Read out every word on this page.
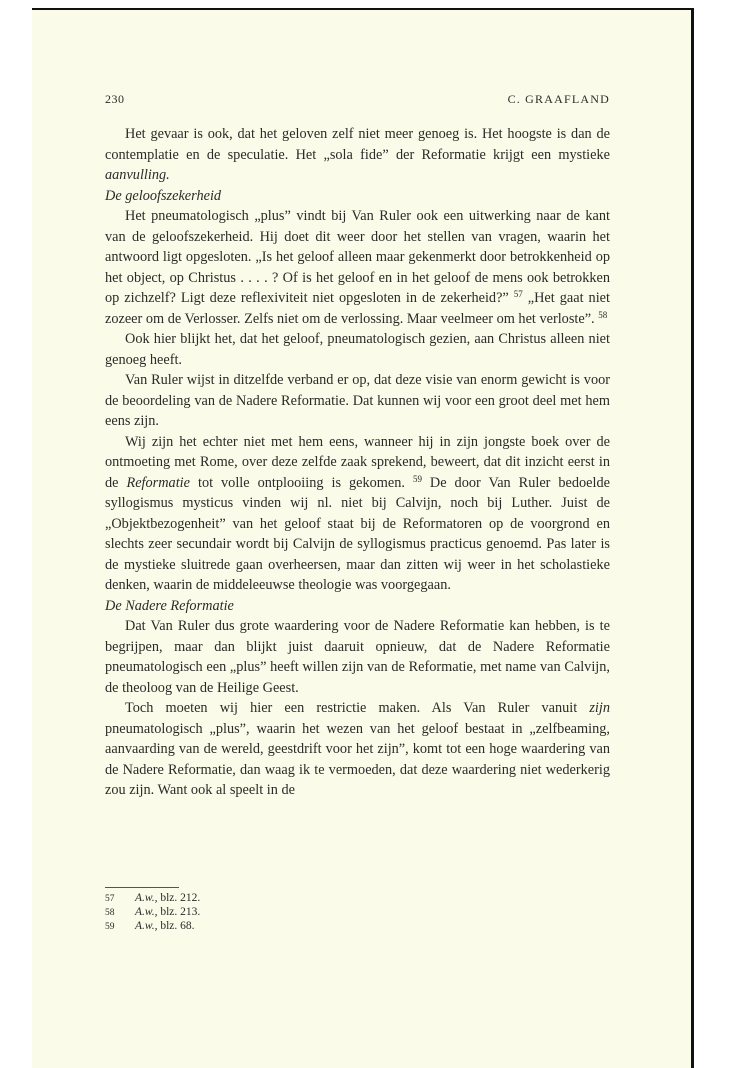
230	C. GRAAFLAND

Het gevaar is ook, dat het geloven zelf niet meer genoeg is. Het hoogste is dan de contemplatie en de speculatie. Het „sola fide” der Reformatie krijgt een mystieke aanvulling.

De geloofszekerheid

Het pneumatologisch „plus” vindt bij Van Ruler ook een uitwerking naar de kant van de geloofszekerheid. Hij doet dit weer door het stellen van vragen, waarin het antwoord ligt opgesloten. „Is het geloof alleen maar gekenmerkt door betrokkenheid op het object, op Christus . . . . ? Of is het geloof en in het geloof de mens ook betrokken op zichzelf? Ligt deze reflexiviteit niet opgesloten in de zekerheid?” $^{57}$ „Het gaat niet zozeer om de Verlosser. Zelfs niet om de verlossing. Maar veelmeer om het verloste”. $^{58}$

Ook hier blijkt het, dat het geloof, pneumatologisch gezien, aan Christus alleen niet genoeg heeft.

Van Ruler wijst in ditzelfde verband er op, dat deze visie van enorm gewicht is voor de beoordeling van de Nadere Reformatie. Dat kunnen wij voor een groot deel met hem eens zijn.

Wij zijn het echter niet met hem eens, wanneer hij in zijn jongste boek over de ontmoeting met Rome, over deze zelfde zaak sprekend, beweert, dat dit inzicht eerst in de Reformatie tot volle ontplooiing is gekomen. $^{59}$ De door Van Ruler bedoelde syllogismus mysticus vinden wij nl. niet bij Calvijn, noch bij Luther. Juist de „Objektbezogenheit” van het geloof staat bij de Reformatoren op de voorgrond en slechts zeer secundair wordt bij Calvijn de syllogismus practicus genoemd. Pas later is de mystieke sluitrede gaan overheersen, maar dan zitten wij weer in het scholastieke denken, waarin de middeleeuwse theologie was voorgegaan.

De Nadere Reformatie

Dat Van Ruler dus grote waardering voor de Nadere Reformatie kan hebben, is te begrijpen, maar dan blijkt juist daaruit opnieuw, dat de Nadere Reformatie pneumatologisch een „plus” heeft willen zijn van de Reformatie, met name van Calvijn, de theoloog van de Heilige Geest.

Toch moeten wij hier een restrictie maken. Als Van Ruler vanuit zijn pneumatologisch „plus”, waarin het wezen van het geloof bestaat in „zelfbeaming, aanvaarding van de wereld, geestdrift voor het zijn”, komt tot een hoge waardering van de Nadere Reformatie, dan waag ik te vermoeden, dat deze waardering niet wederkerig zou zijn. Want ook al speelt in de

57 A.w., blz. 212.
58 A.w., blz. 213.
59 A.w., blz. 68.
